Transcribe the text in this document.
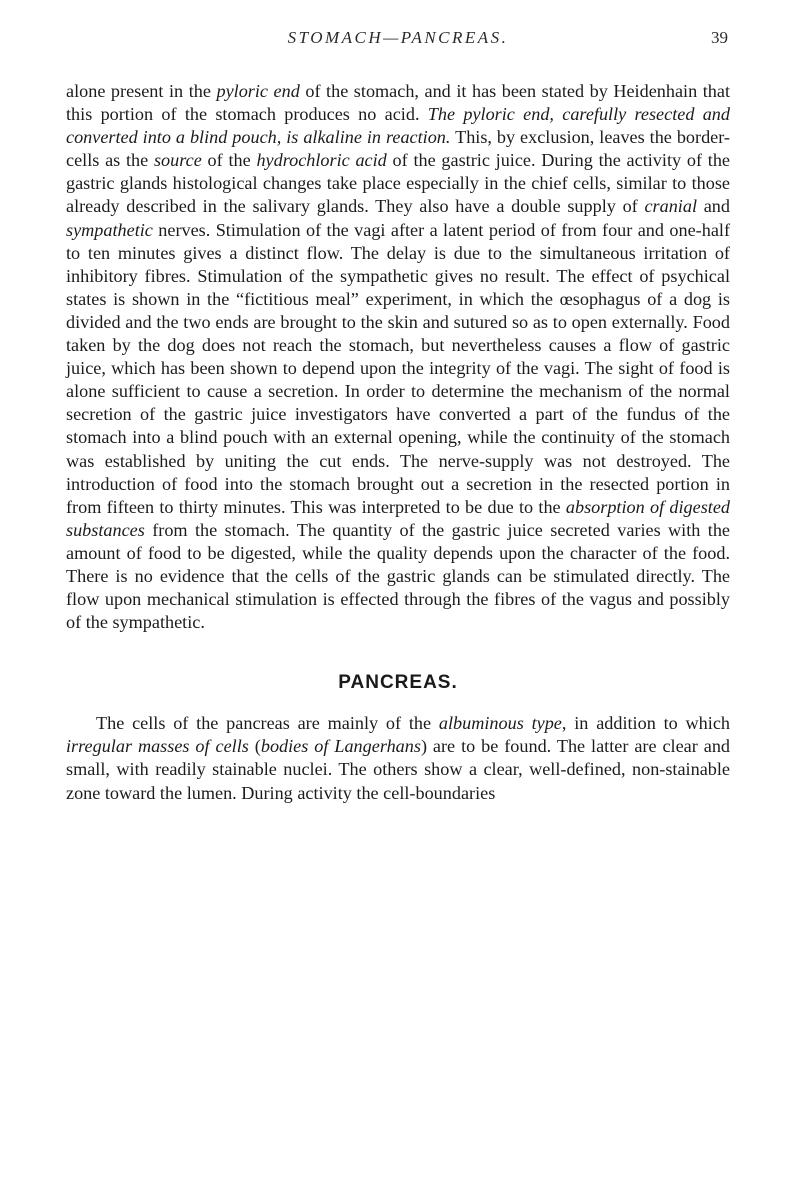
STOMACH—PANCREAS.	39

alone present in the pyloric end of the stomach, and it has been stated by Heidenhain that this portion of the stomach produces no acid. The pyloric end, carefully resected and converted into a blind pouch, is alkaline in reaction. This, by exclusion, leaves the border-cells as the source of the hydrochloric acid of the gastric juice. During the activity of the gastric glands histological changes take place especially in the chief cells, similar to those already described in the salivary glands. They also have a double supply of cranial and sympathetic nerves. Stimulation of the vagi after a latent period of from four and one-half to ten minutes gives a distinct flow. The delay is due to the simultaneous irritation of inhibitory fibres. Stimulation of the sympathetic gives no result. The effect of psychical states is shown in the “fictitious meal” experiment, in which the œsophagus of a dog is divided and the two ends are brought to the skin and sutured so as to open externally. Food taken by the dog does not reach the stomach, but nevertheless causes a flow of gastric juice, which has been shown to depend upon the integrity of the vagi. The sight of food is alone sufficient to cause a secretion. In order to determine the mechanism of the normal secretion of the gastric juice investigators have converted a part of the fundus of the stomach into a blind pouch with an external opening, while the continuity of the stomach was established by uniting the cut ends. The nerve-supply was not destroyed. The introduction of food into the stomach brought out a secretion in the resected portion in from fifteen to thirty minutes. This was interpreted to be due to the absorption of digested substances from the stomach. The quantity of the gastric juice secreted varies with the amount of food to be digested, while the quality depends upon the character of the food. There is no evidence that the cells of the gastric glands can be stimulated directly. The flow upon mechanical stimulation is effected through the fibres of the vagus and possibly of the sympathetic.

PANCREAS.

The cells of the pancreas are mainly of the albuminous type, in addition to which irregular masses of cells (bodies of Langerhans) are to be found. The latter are clear and small, with readily stainable nuclei. The others show a clear, well-defined, non-stainable zone toward the lumen. During activity the cell-boundaries
